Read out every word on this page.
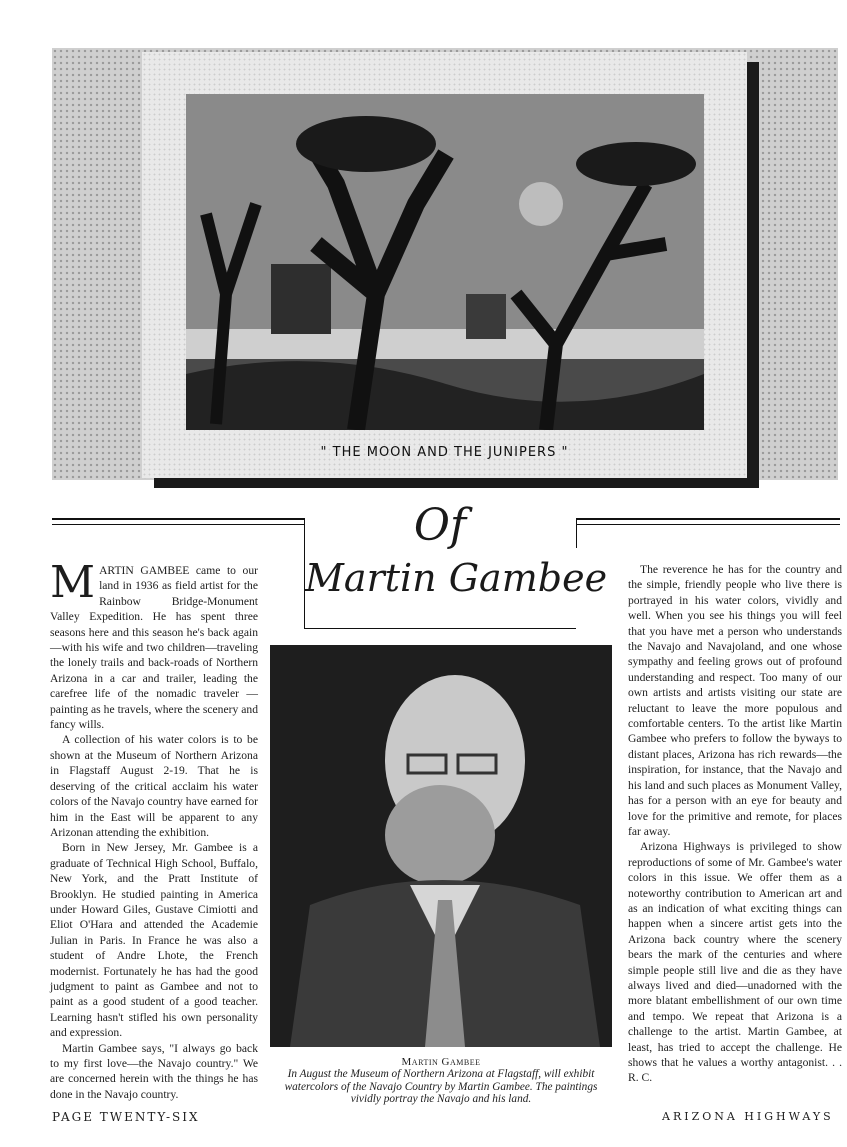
" THE MOON AND THE JUNIPERS "
Of
Martin Gambee

MARTIN GAMBEE came to our land in 1936 as field artist for the Rainbow Bridge-Monument Valley Expedition. He has spent three seasons here and this season he's back again—with his wife and two children—traveling the lonely trails and back-roads of Northern Arizona in a car and trailer, leading the carefree life of the nomadic traveler — painting as he travels, where the scenery and fancy wills.

A collection of his water colors is to be shown at the Museum of Northern Arizona in Flagstaff August 2-19. That he is deserving of the critical acclaim his water colors of the Navajo country have earned for him in the East will be apparent to any Arizonan attending the exhibition.

Born in New Jersey, Mr. Gambee is a graduate of Technical High School, Buffalo, New York, and the Pratt Institute of Brooklyn. He studied painting in America under Howard Giles, Gustave Cimiotti and Eliot O'Hara and attended the Academie Julian in Paris. In France he was also a student of Andre Lhote, the French modernist. Fortunately he has had the good judgment to paint as Gambee and not to paint as a good student of a good teacher. Learning hasn't stifled his own personality and expression.

Martin Gambee says, "I always go back to my first love—the Navajo country." We are concerned herein with the things he has done in the Navajo country.

Martin Gambee
In August the Museum of Northern Arizona at Flagstaff, will exhibit watercolors of the Navajo Country by Martin Gambee. The paintings vividly portray the Navajo and his land.

The reverence he has for the country and the simple, friendly people who live there is portrayed in his water colors, vividly and well. When you see his things you will feel that you have met a person who understands the Navajo and Navajoland, and one whose sympathy and feeling grows out of profound understanding and respect. Too many of our own artists and artists visiting our state are reluctant to leave the more populous and comfortable centers. To the artist like Martin Gambee who prefers to follow the byways to distant places, Arizona has rich rewards—the inspiration, for instance, that the Navajo and his land and such places as Monument Valley, has for a person with an eye for beauty and love for the primitive and remote, for places far away.

Arizona Highways is privileged to show reproductions of some of Mr. Gambee's water colors in this issue. We offer them as a noteworthy contribution to American art and as an indication of what exciting things can happen when a sincere artist gets into the Arizona back country where the scenery bears the mark of the centuries and where simple people still live and die as they have always lived and died—unadorned with the more blatant embellishment of our own time and tempo. We repeat that Arizona is a challenge to the artist. Martin Gambee, at least, has tried to accept the challenge. He shows that he values a worthy antagonist. . . R. C.

PAGE TWENTY-SIX	ARIZONA HIGHWAYS
